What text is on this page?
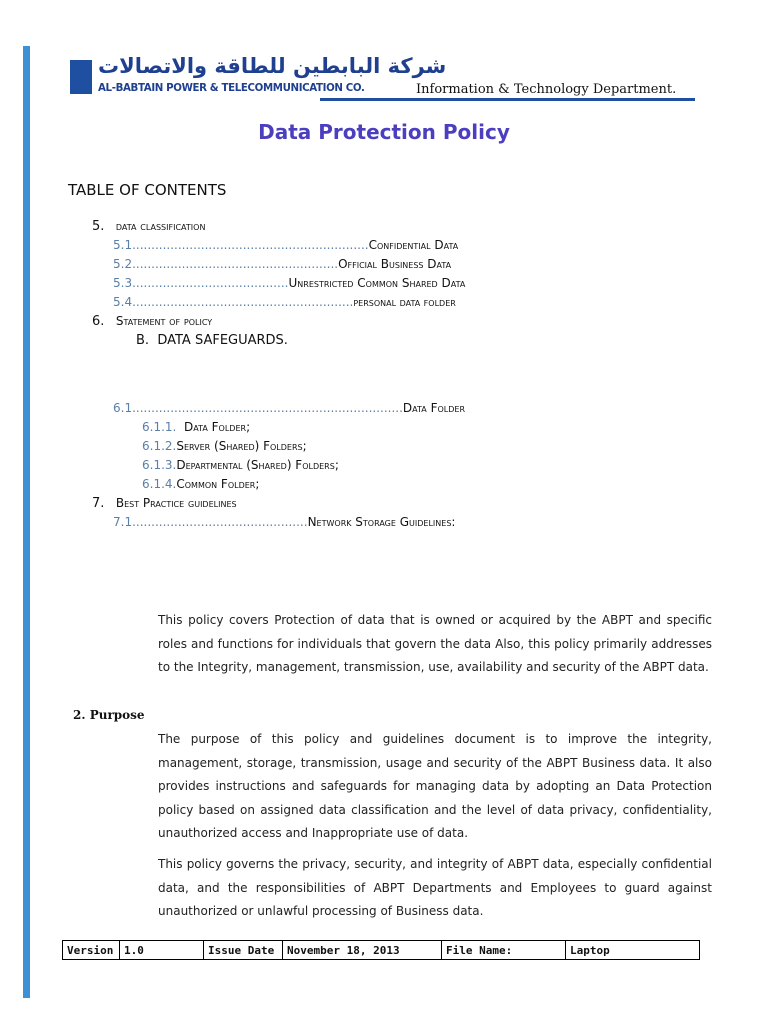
شركة البابطين للطاقة والاتصالات
AL-BABTAIN POWER & TELECOMMUNICATION CO.	Information & Technology Department.
Data Protection Policy
TABLE OF CONTENTS
5. data classification
5.1..............................................................Confidential Data
5.2......................................................Official Business Data
5.3.........................................Unrestricted Common Shared Data
5.4..........................................................personal data folder
6. Statement of policy
B. DATA SAFEGUARDS.
6.1.......................................................................Data Folder
6.1.1. Data Folder;
6.1.2.Server (Shared) Folders;
6.1.3.Departmental (Shared) Folders;
6.1.4.Common Folder;
7. Best Practice guidelines
7.1..............................................Network Storage Guidelines:
This policy covers Protection of data that is owned or acquired by the ABPT and specific roles and functions for individuals that govern the data Also, this policy primarily addresses to the Integrity, management, transmission, use, availability and security of the ABPT data.
2. Purpose
The purpose of this policy and guidelines document is to improve the integrity, management, storage, transmission, usage and security of the ABPT Business data. It also provides instructions and safeguards for managing data by adopting an Data Protection policy based on assigned data classification and the level of data privacy, confidentiality, unauthorized access and Inappropriate use of data.
This policy governs the privacy, security, and integrity of ABPT data, especially confidential data, and the responsibilities of ABPT Departments and Employees to guard against unauthorized or unlawful processing of Business data.
Version	1.0	Issue Date	November 18, 2013	File Name:	Laptop
